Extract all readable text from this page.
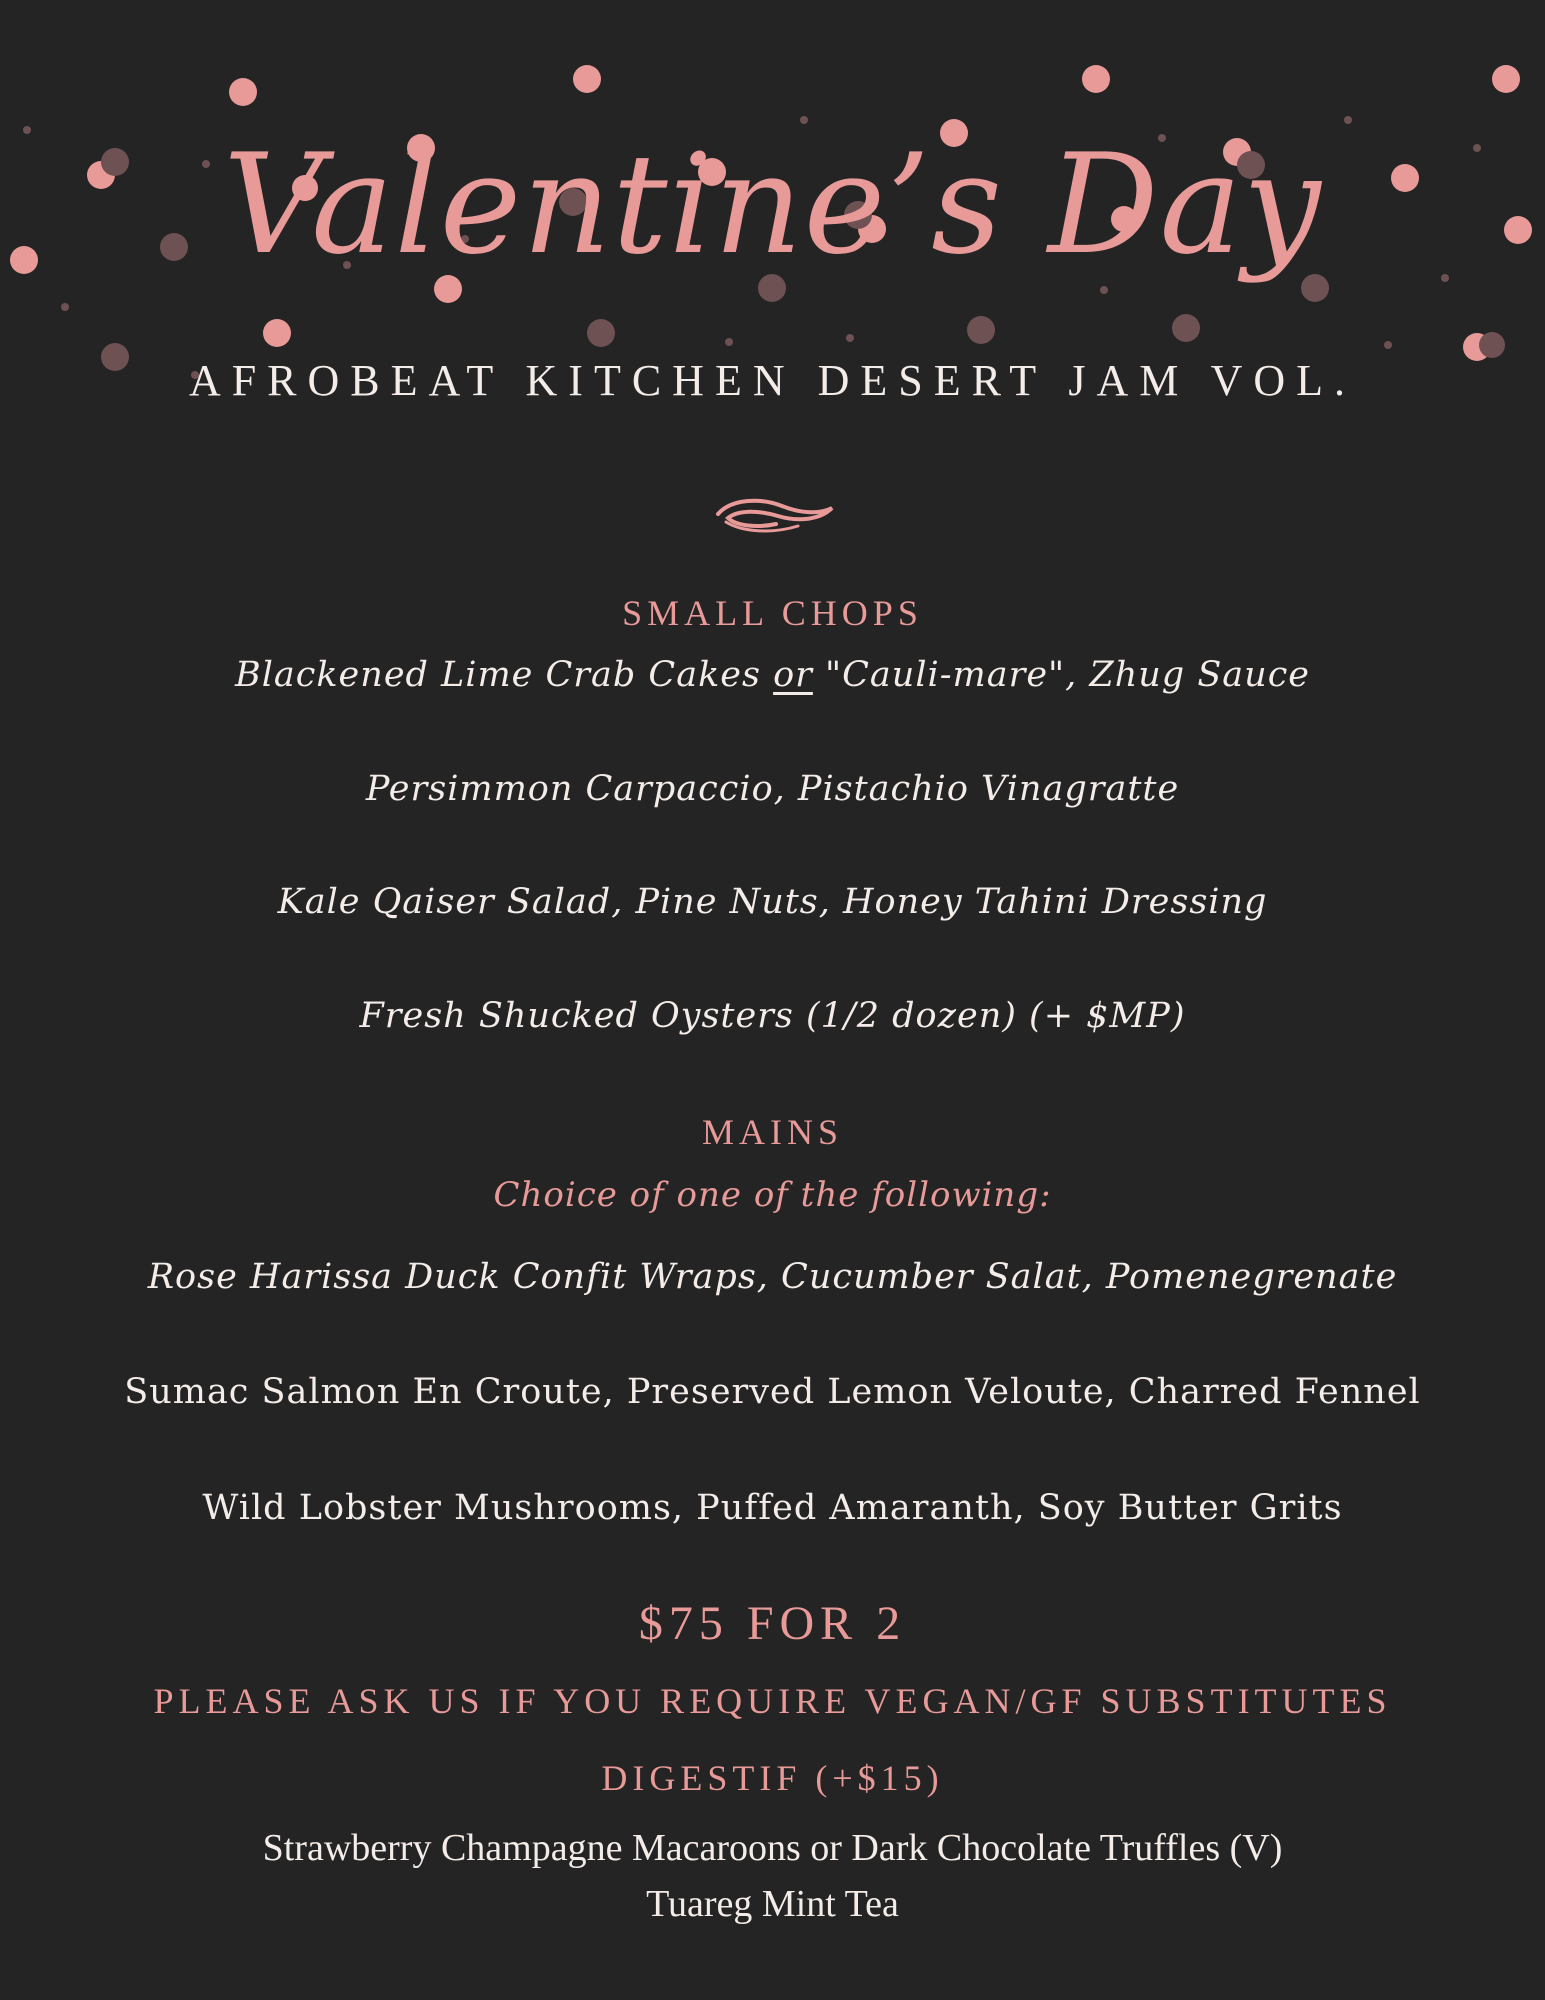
Valentine’s Day
AFROBEAT KITCHEN DESERT JAM VOL.
SMALL CHOPS
Blackened Lime Crab Cakes or "Cauli-mare", Zhug Sauce
Persimmon Carpaccio, Pistachio Vinagratte
Kale Qaiser Salad, Pine Nuts, Honey Tahini Dressing
Fresh Shucked Oysters (1/2 dozen) (+ $MP)
MAINS
Choice of one of the following:
Rose Harissa Duck Confit Wraps, Cucumber Salat, Pomenegrenate
Sumac Salmon En Croute, Preserved Lemon Veloute, Charred Fennel
Wild Lobster Mushrooms, Puffed Amaranth, Soy Butter Grits
$75 FOR 2
PLEASE ASK US IF YOU REQUIRE VEGAN/GF SUBSTITUTES
DIGESTIF (+$15)
Strawberry Champagne Macaroons or Dark Chocolate Truffles (V)
Tuareg Mint Tea
